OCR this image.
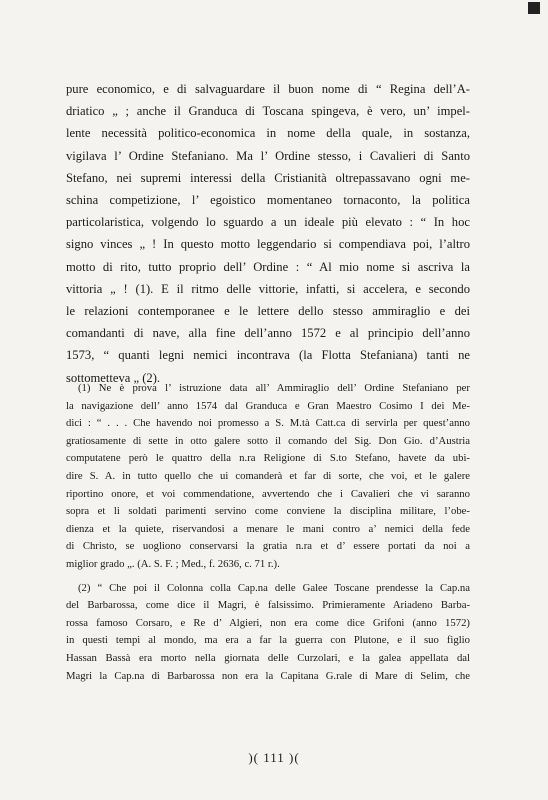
pure economico, e di salvaguardare il buon nome di “ Regina dell’A-
driatico „ ; anche il Granduca di Toscana spingeva, è vero, un’ impel-
lente necessità politico-economica in nome della quale, in sostanza,
vigilava l’ Ordine Stefaniano. Ma l’ Ordine stesso, i Cavalieri di Santo
Stefano, nei supremi interessi della Cristianità oltrepassavano ogni me-
schina competizione, l’ egoistico momentaneo tornaconto, la politica
particolaristica, volgendo lo sguardo a un ideale più elevato : “ In hoc
signo vinces „ ! In questo motto leggendario si compendiava poi, l’altro
motto di rito, tutto proprio dell’ Ordine : “ Al mio nome si ascriva la
vittoria „ ! (1). E il ritmo delle vittorie, infatti, si accelera, e secondo
le relazioni contemporanee e le lettere dello stesso ammiraglio e dei
comandanti di nave, alla fine dell’anno 1572 e al principio dell’anno
1573, “ quanti legni nemici incontrava (la Flotta Stefaniana) tanti ne
sottometteva „ (2).
(1) Ne è prova l’ istruzione data all’ Ammiraglio dell’ Ordine Stefaniano per
la navigazione dell’ anno 1574 dal Granduca e Gran Maestro Cosimo I dei Me-
dici : “ . . . Che havendo noi promesso a S. M.tà Catt.ca di servirla per quest’anno
gratiosamente di sette in otto galere sotto il comando del Sig. Don Gio. d’Austria
computatene però le quattro della n.ra Religione di S.to Stefano, havete da ubi-
dire S. A. in tutto quello che ui comanderà et far di sorte, che voi, et le galere
riportino onore, et voi commendatione, avvertendo che i Cavalieri che vi saranno
sopra et li soldati parimenti servino come conviene la disciplina militare, l’obe-
dienza et la quiete, riservandosi a menare le mani contro a’ nemici della fede
di Christo, se uogliono conservarsi la gratia n.ra et d’ essere portati da noi a
miglior grado „. (A. S. F. ; Med., f. 2636, c. 71 r.).
(2) “ Che poi il Colonna colla Cap.na delle Galee Toscane prendesse la Cap.na
del Barbarossa, come dice il Magri, è falsissimo. Primieramente Ariadeno Barba-
rossa famoso Corsaro, e Re d’ Algieri, non era come dice Grifoni (anno 1572)
in questi tempi al mondo, ma era a far la guerra con Plutone, e il suo figlio
Hassan Bassà era morto nella giornata delle Curzolari, e la galea appellata dal
Magri la Cap.na di Barbarossa non era la Capitana G.rale di Mare di Selim, che
)( 111 )(
